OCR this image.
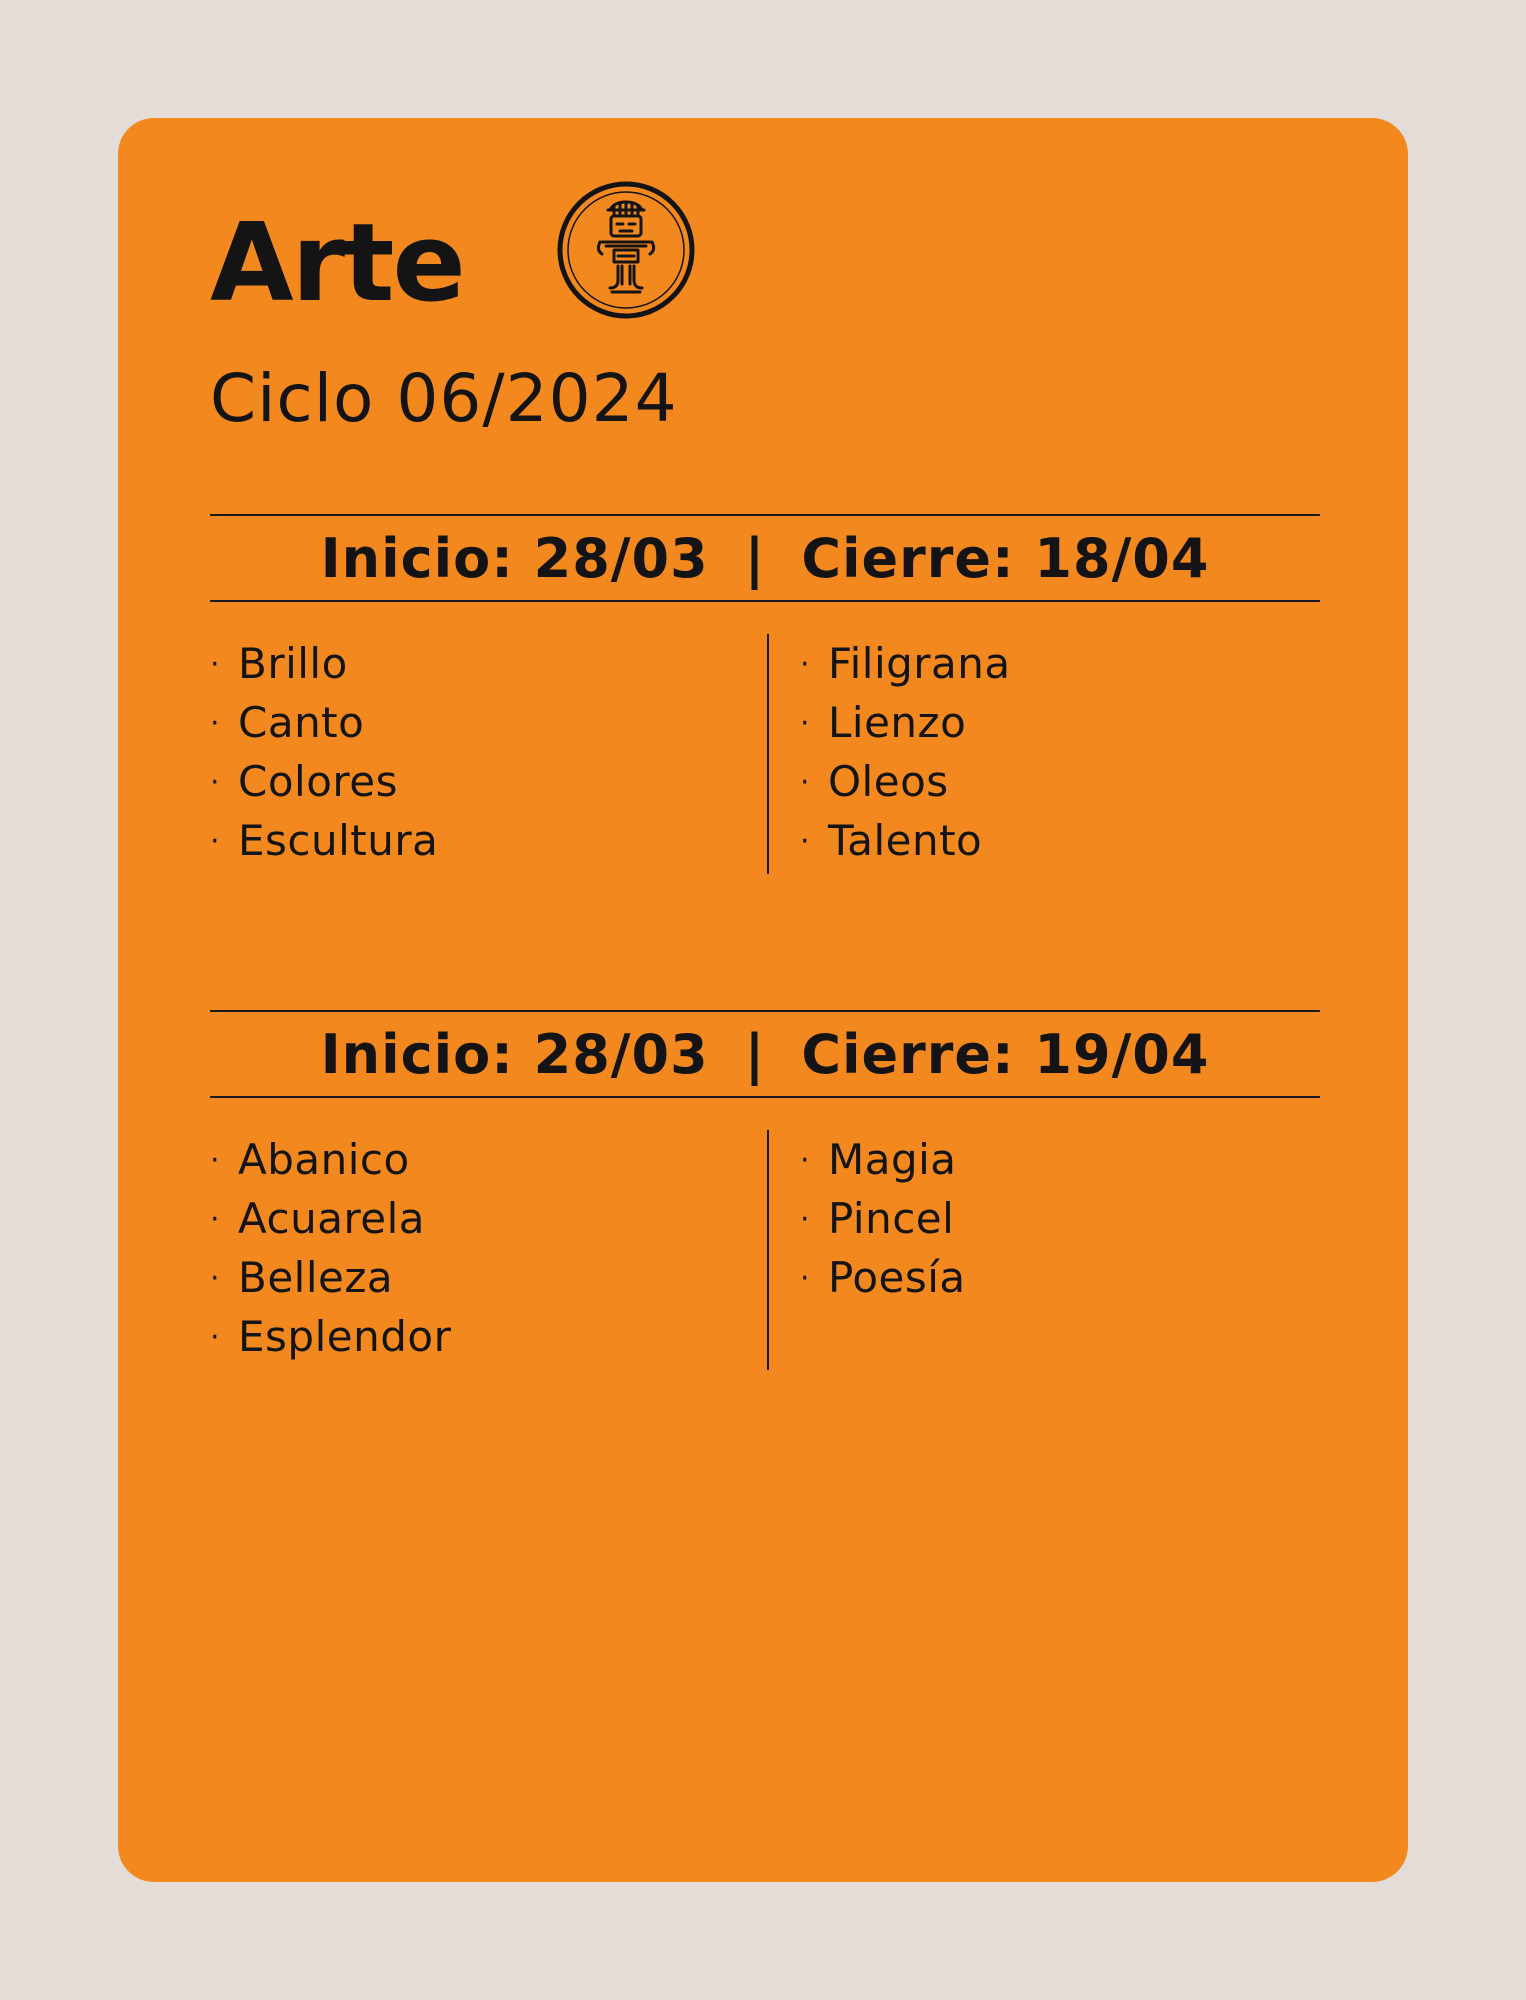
Arte
Ciclo 06/2024
Inicio: 28/03 | Cierre: 18/04
· Brillo
· Canto
· Colores
· Escultura
· Filigrana
· Lienzo
· Oleos
· Talento
Inicio: 28/03 | Cierre: 19/04
· Abanico
· Acuarela
· Belleza
· Esplendor
· Magia
· Pincel
· Poesía
